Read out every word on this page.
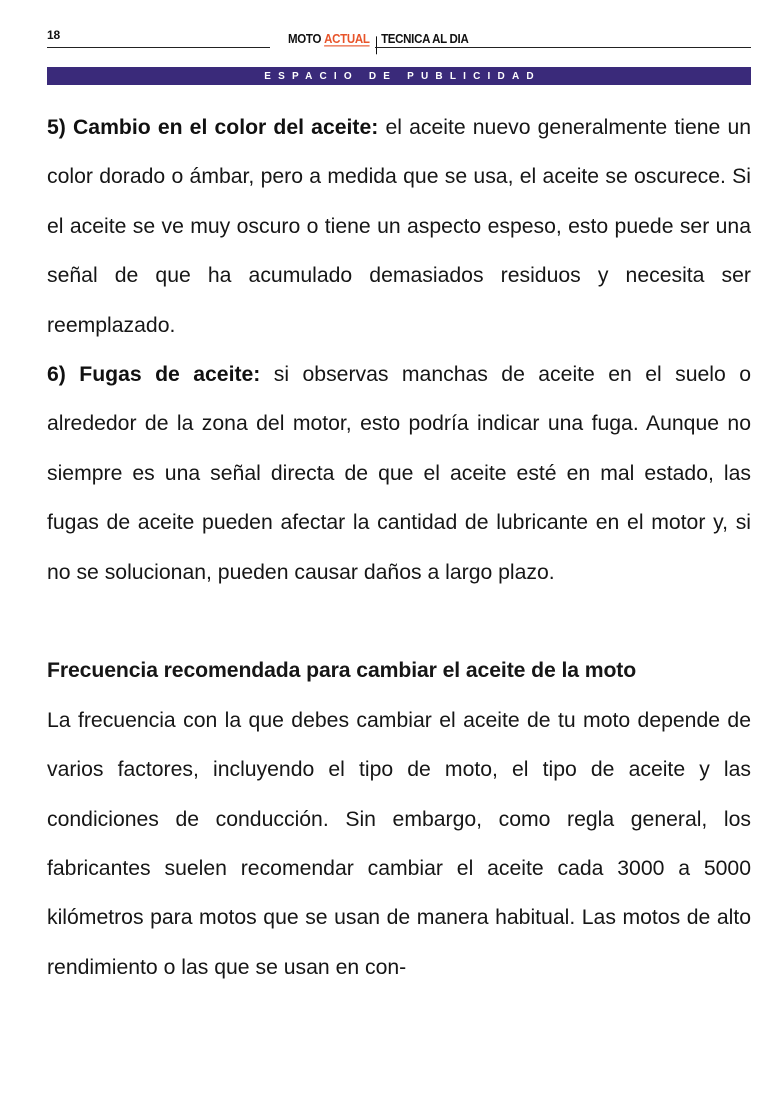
18	MOTO ACTUAL TECNICA AL DIA
ESPACIO DE PUBLICIDAD

5) Cambio en el color del aceite: el aceite nuevo generalmente tiene un color dorado o ámbar, pero a medida que se usa, el aceite se oscurece. Si el aceite se ve muy oscuro o tiene un aspecto espeso, esto puede ser una señal de que ha acumulado demasiados residuos y necesita ser reemplazado.

6) Fugas de aceite: si observas manchas de aceite en el suelo o alrededor de la zona del motor, esto podría indicar una fuga. Aunque no siempre es una señal directa de que el aceite esté en mal estado, las fugas de aceite pueden afectar la cantidad de lubricante en el motor y, si no se solucionan, pueden causar daños a largo plazo.

Frecuencia recomendada para cambiar el aceite de la moto

La frecuencia con la que debes cambiar el aceite de tu moto depende de varios factores, incluyendo el tipo de moto, el tipo de aceite y las condiciones de conducción. Sin embargo, como regla general, los fabricantes suelen recomendar cambiar el aceite cada 3000 a 5000 kilómetros para motos que se usan de manera habitual. Las motos de alto rendimiento o las que se usan en con-
